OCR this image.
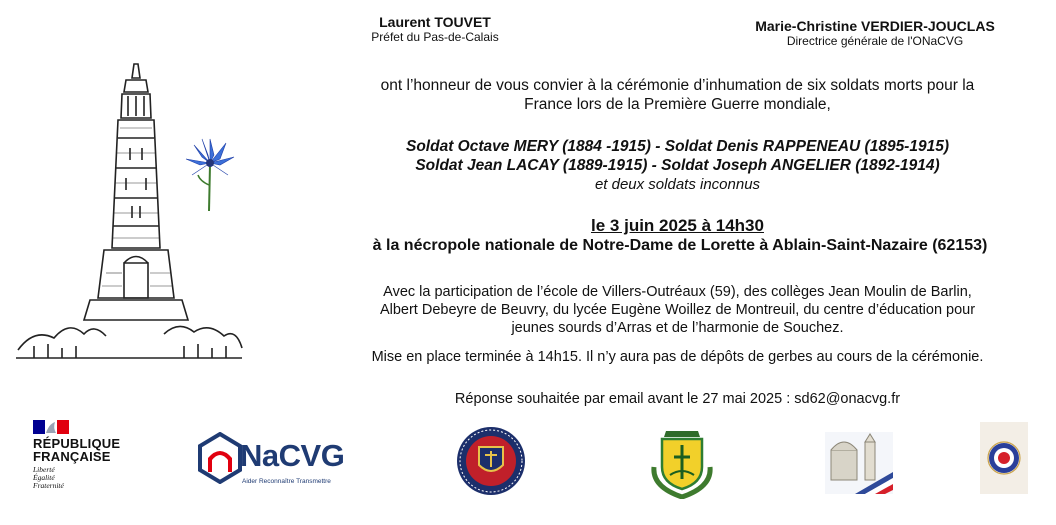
Laurent TOUVET
Préfet du Pas-de-Calais
Marie-Christine VERDIER-JOUCLAS
Directrice générale de l'ONaCVG
ont l’honneur de vous convier à la cérémonie d’inhumation de six soldats morts pour la
France lors de la Première Guerre mondiale,
Soldat Octave MERY (1884 -1915) - Soldat Denis RAPPENEAU (1895-1915)
Soldat Jean LACAY (1889-1915) - Soldat Joseph ANGELIER (1892-1914)
et deux soldats inconnus
le 3 juin 2025 à 14h30
à la nécropole nationale de Notre-Dame de Lorette à Ablain-Saint-Nazaire (62153)
Avec la participation de l’école de Villers-Outréaux (59), des collèges Jean Moulin de Barlin,
Albert Debeyre de Beuvry, du lycée Eugène Woillez de Montreuil, du centre d’éducation pour
jeunes sourds d’Arras et de l’harmonie de Souchez.
Mise en place terminée à 14h15. Il n’y aura pas de dépôts de gerbes au cours de la cérémonie.
Réponse souhaitée par email avant le 27 mai 2025 : sd62@onacvg.fr
RÉPUBLIQUE
FRANÇAISE
Liberté
Égalité
Fraternité
NaCVG
Aider Reconnaître Transmettre
